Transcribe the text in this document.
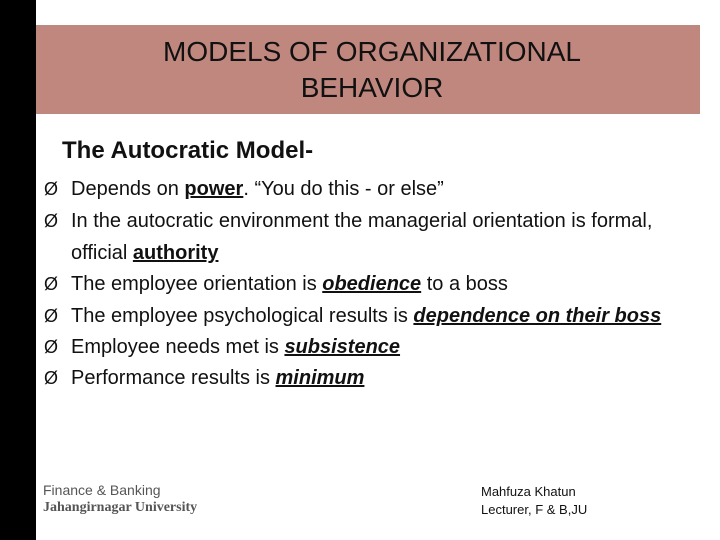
MODELS OF ORGANIZATIONAL BEHAVIOR
The Autocratic Model-
Ø Depends on power. “You do this - or else”
Ø In the autocratic environment the managerial orientation is formal, official authority
Ø The employee orientation is obedience to a boss
Ø The employee psychological results is dependence on their boss
Ø Employee needs met is subsistence
Ø Performance results is minimum
Finance & Banking
Jahangirnagar University
Mahfuza Khatun
Lecturer, F & B,JU
